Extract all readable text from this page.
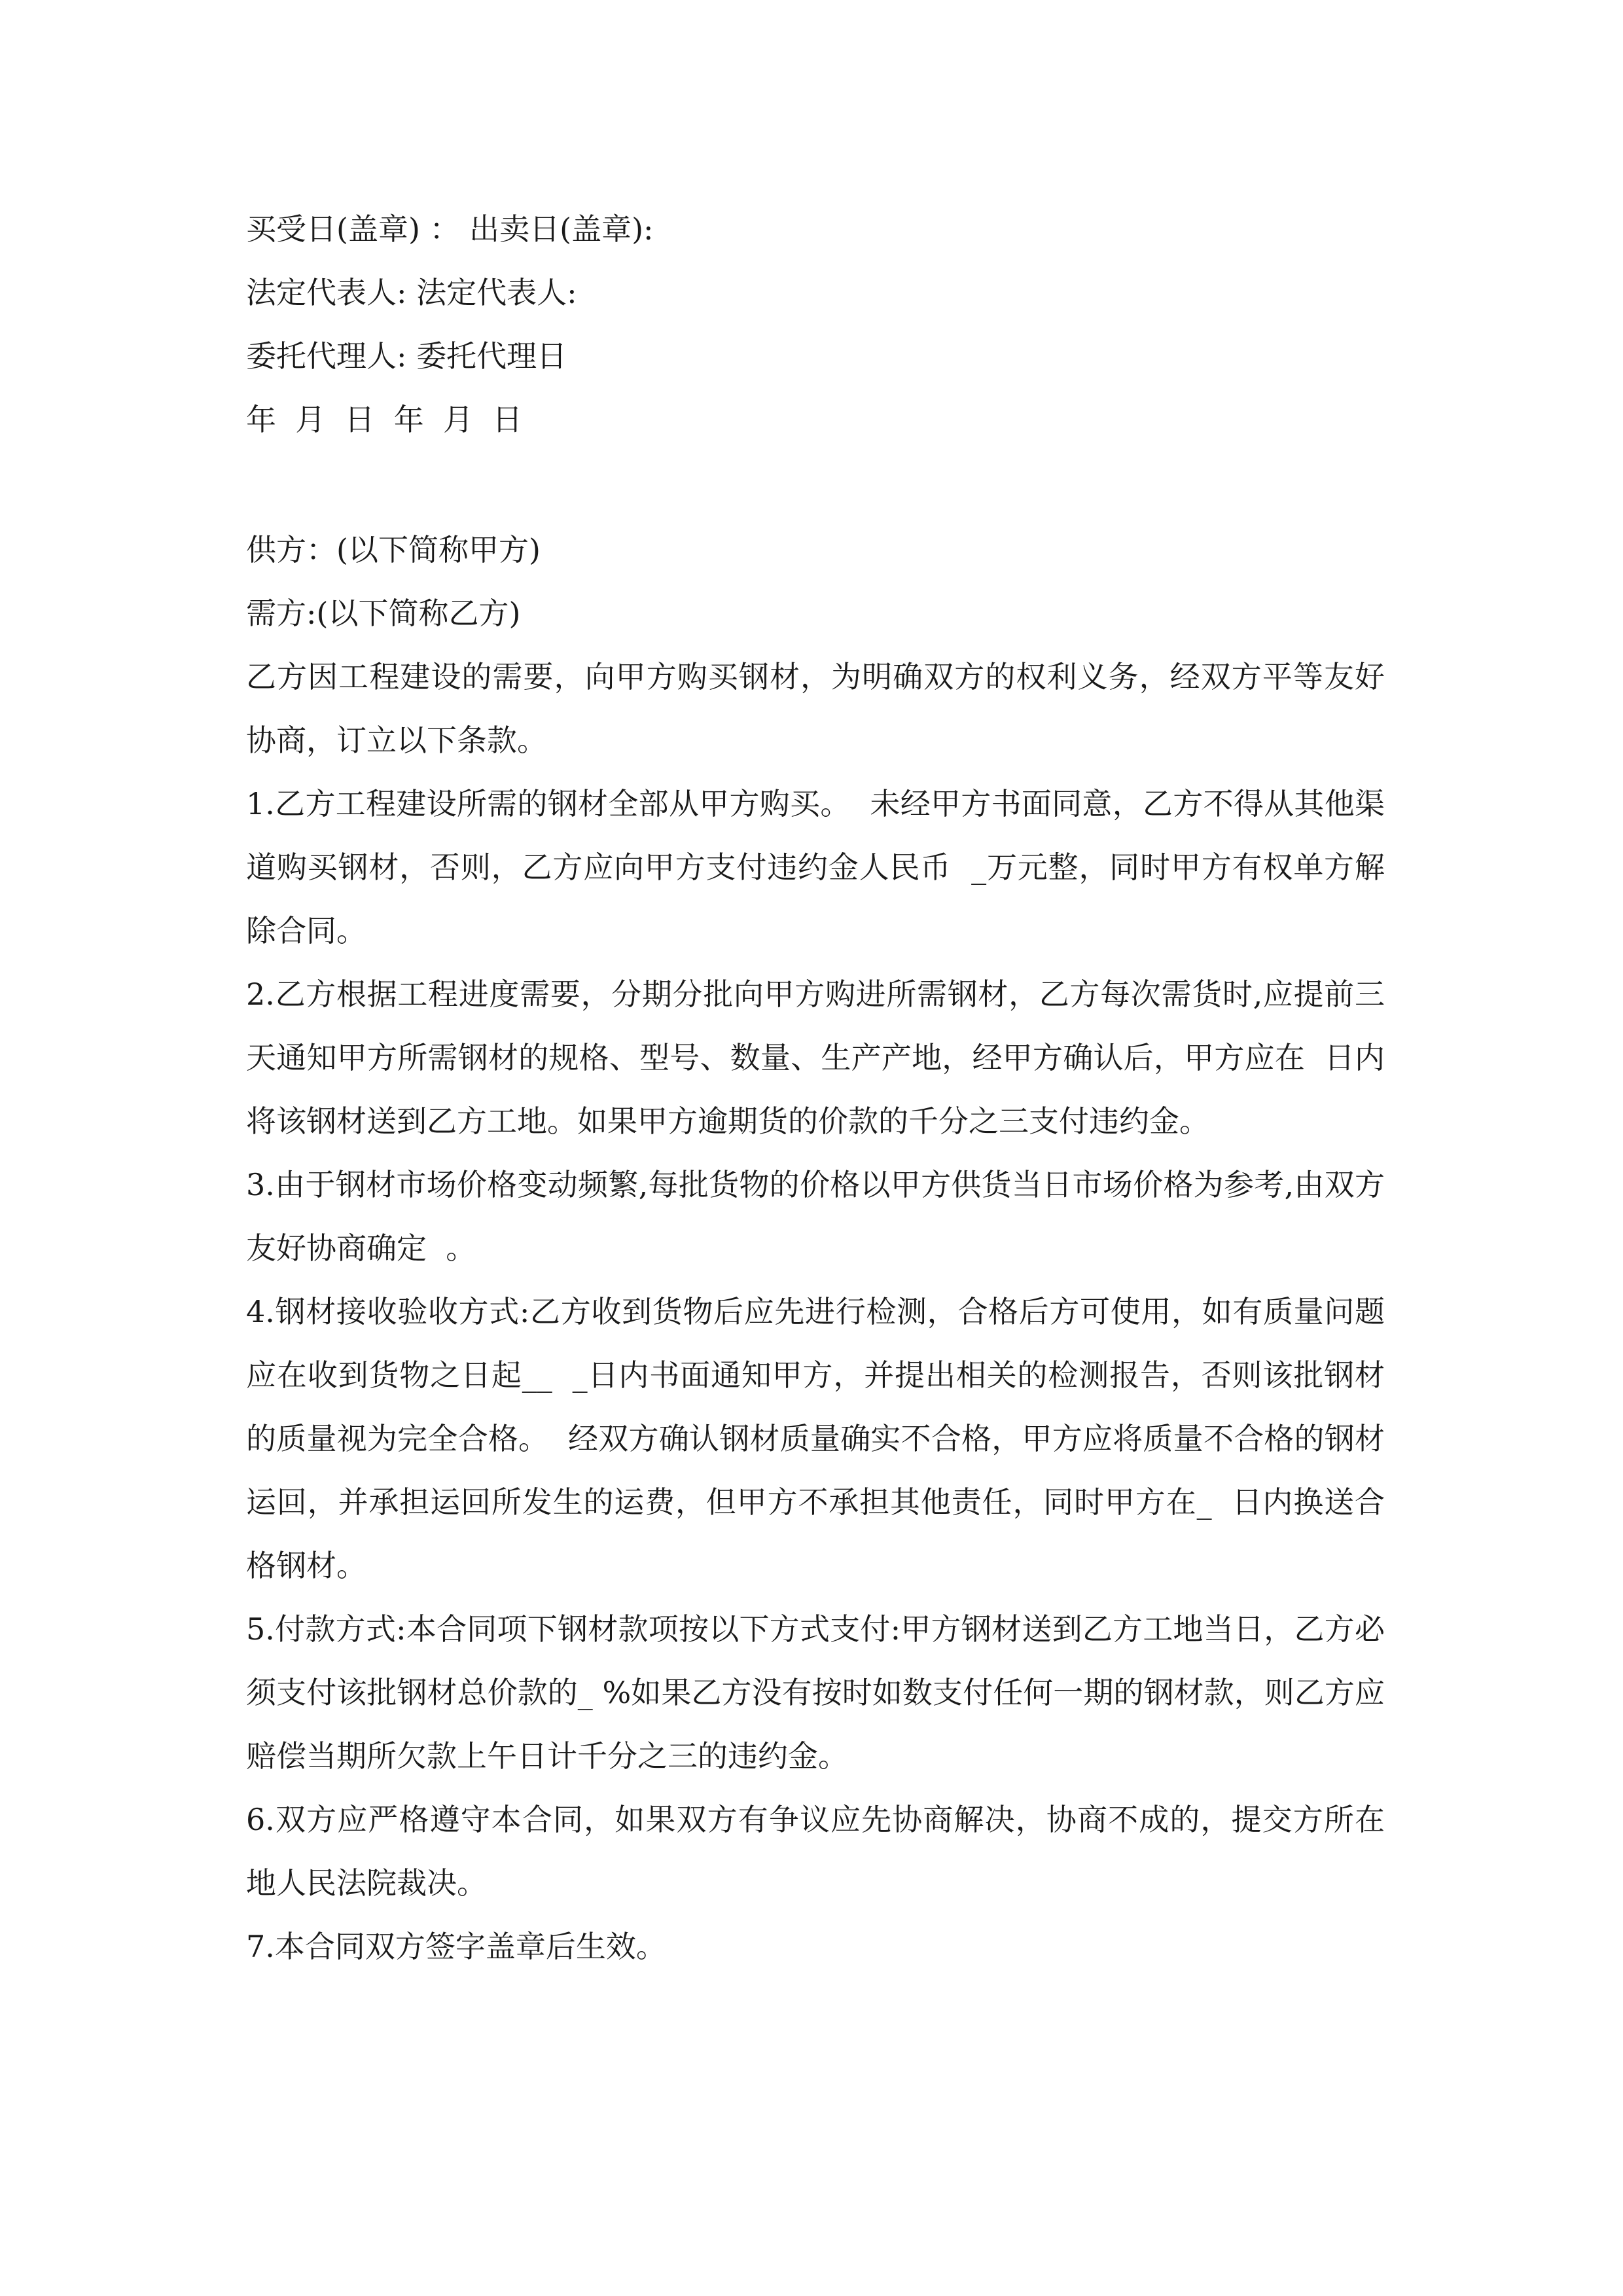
买受日(盖章) ： 出卖日(盖章):

法定代表人: 法定代表人:

委托代理人: 委托代理日

年  月  日  年  月  日

供方：(以下简称甲方)

需方:(以下简称乙方)

乙方因工程建设的需要，向甲方购买钢材，为明确双方的权利义务，经双方平等友好协商，订立以下条款。

1.乙方工程建设所需的钢材全部从甲方购买。  未经甲方书面同意，乙方不得从其他渠道购买钢材，否则，乙方应向甲方支付违约金人民币  _万元整，同时甲方有权单方解除合同。

2.乙方根据工程进度需要，分期分批向甲方购进所需钢材，乙方每次需货时,应提前三天通知甲方所需钢材的规格、型号、数量、生产产地，经甲方确认后，甲方应在  日内将该钢材送到乙方工地。如果甲方逾期货的价款的千分之三支付违约金。

3.由于钢材市场价格变动频繁,每批货物的价格以甲方供货当日市场价格为参考,由双方友好协商确定  。

4.钢材接收验收方式:乙方收到货物后应先进行检测，合格后方可使用，如有质量问题应在收到货物之日起__  _日内书面通知甲方，并提出相关的检测报告，否则该批钢材的质量视为完全合格。  经双方确认钢材质量确实不合格，甲方应将质量不合格的钢材运回，并承担运回所发生的运费，但甲方不承担其他责任，同时甲方在_  日内换送合格钢材。

5.付款方式:本合同项下钢材款项按以下方式支付:甲方钢材送到乙方工地当日，乙方必须支付该批钢材总价款的_ %如果乙方没有按时如数支付任何一期的钢材款，则乙方应赔偿当期所欠款上午日计千分之三的违约金。

6.双方应严格遵守本合同，如果双方有争议应先协商解决，协商不成的，提交方所在地人民法院裁决。

7.本合同双方签字盖章后生效。
